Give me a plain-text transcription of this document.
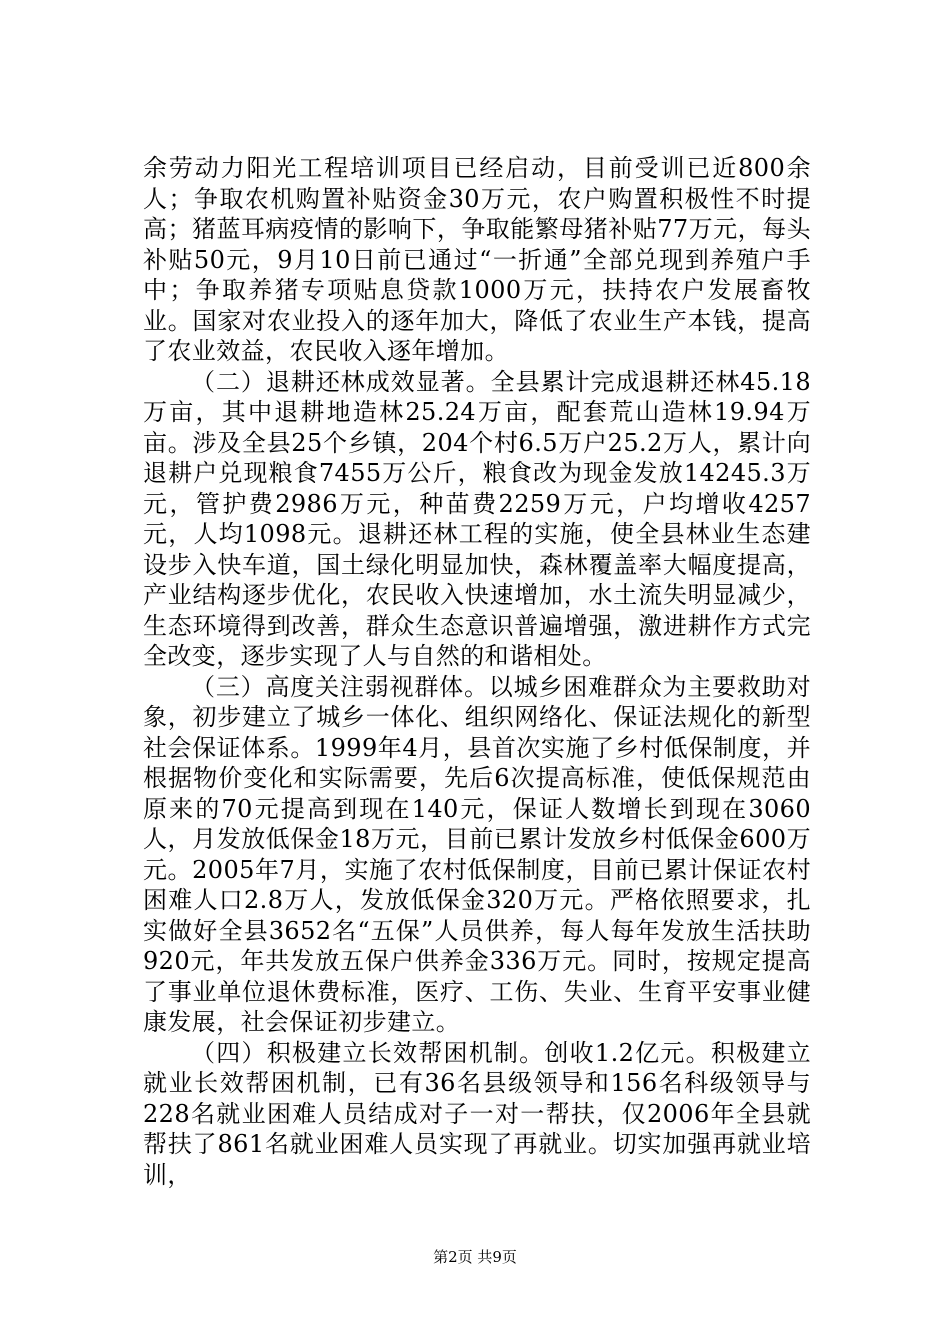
余劳动力阳光工程培训项目已经启动，目前受训已近800余人；争取农机购置补贴资金30万元，农户购置积极性不时提高；猪蓝耳病疫情的影响下，争取能繁母猪补贴77万元，每头补贴50元，9月10日前已通过“一折通”全部兑现到养殖户手中；争取养猪专项贴息贷款1000万元，扶持农户发展畜牧业。国家对农业投入的逐年加大，降低了农业生产本钱，提高了农业效益，农民收入逐年增加。

（二）退耕还林成效显著。全县累计完成退耕还林45.18万亩，其中退耕地造林25.24万亩，配套荒山造林19.94万亩。涉及全县25个乡镇，204个村6.5万户25.2万人，累计向退耕户兑现粮食7455万公斤，粮食改为现金发放14245.3万元，管护费2986万元，种苗费2259万元，户均增收4257元，人均1098元。退耕还林工程的实施，使全县林业生态建设步入快车道，国土绿化明显加快，森林覆盖率大幅度提高，产业结构逐步优化，农民收入快速增加，水土流失明显减少，生态环境得到改善，群众生态意识普遍增强，激进耕作方式完全改变，逐步实现了人与自然的和谐相处。

（三）高度关注弱视群体。以城乡困难群众为主要救助对象，初步建立了城乡一体化、组织网络化、保证法规化的新型社会保证体系。1999年4月，县首次实施了乡村低保制度，并根据物价变化和实际需要，先后6次提高标准，使低保规范由原来的70元提高到现在140元，保证人数增长到现在3060人，月发放低保金18万元，目前已累计发放乡村低保金600万元。2005年7月，实施了农村低保制度，目前已累计保证农村困难人口2.8万人，发放低保金320万元。严格依照要求，扎实做好全县3652名“五保”人员供养，每人每年发放生活扶助920元，年共发放五保户供养金336万元。同时，按规定提高了事业单位退休费标准，医疗、工伤、失业、生育平安事业健康发展，社会保证初步建立。

（四）积极建立长效帮困机制。创收1.2亿元。积极建立就业长效帮困机制，已有36名县级领导和156名科级领导与228名就业困难人员结成对子一对一帮扶，仅2006年全县就帮扶了861名就业困难人员实现了再就业。切实加强再就业培训，

第2页 共9页
